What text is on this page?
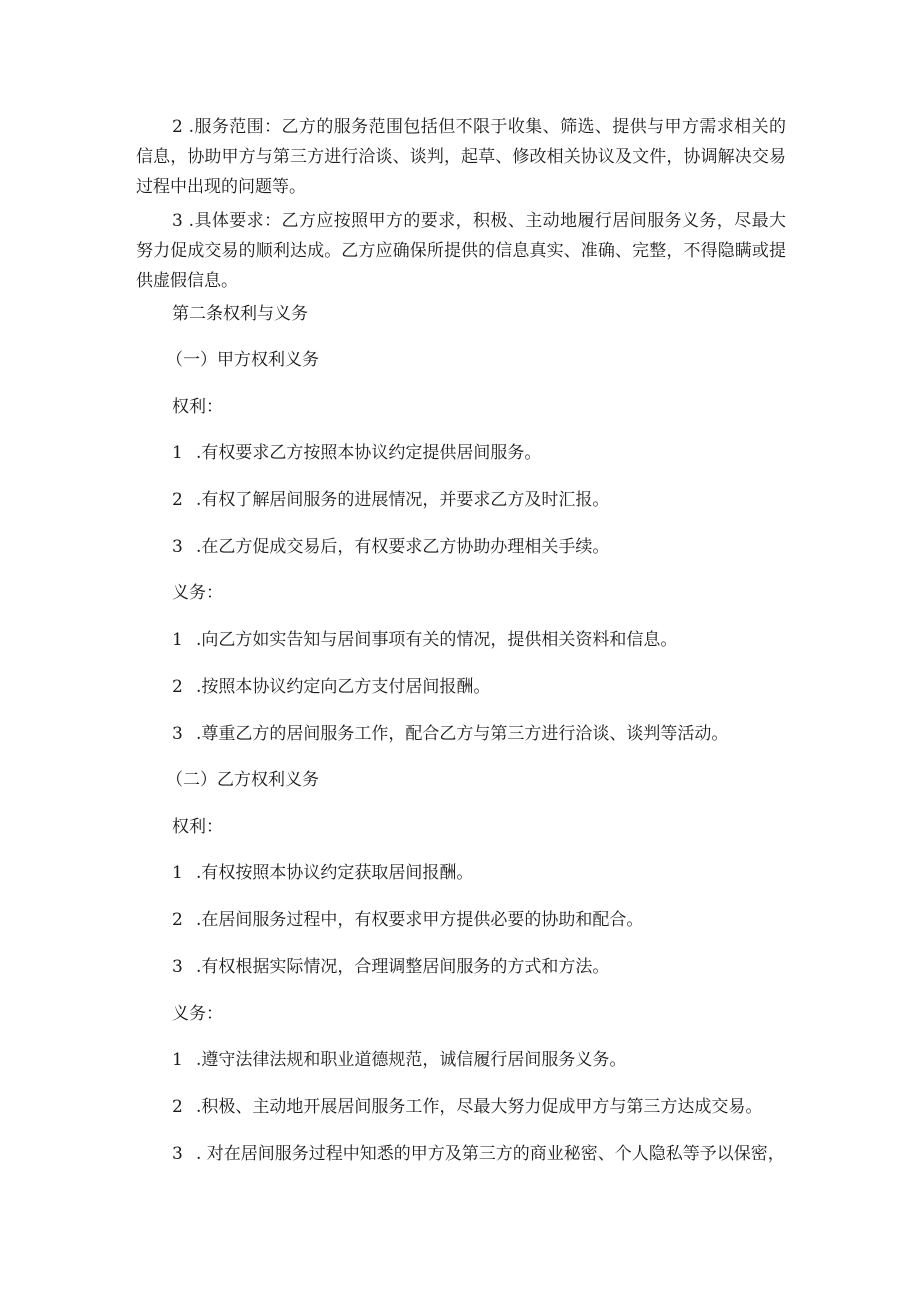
2 .服务范围：乙方的服务范围包括但不限于收集、筛选、提供与甲方需求相关的信息，协助甲方与第三方进行洽谈、谈判，起草、修改相关协议及文件，协调解决交易过程中出现的问题等。

3 .具体要求：乙方应按照甲方的要求，积极、主动地履行居间服务义务，尽最大努力促成交易的顺利达成。乙方应确保所提供的信息真实、准确、完整，不得隐瞒或提供虚假信息。

第二条权利与义务

（一）甲方权利义务

权利：

1 .有权要求乙方按照本协议约定提供居间服务。

2 .有权了解居间服务的进展情况，并要求乙方及时汇报。

3 .在乙方促成交易后，有权要求乙方协助办理相关手续。

义务：

1 .向乙方如实告知与居间事项有关的情况，提供相关资料和信息。

2 .按照本协议约定向乙方支付居间报酬。

3 .尊重乙方的居间服务工作，配合乙方与第三方进行洽谈、谈判等活动。

（二）乙方权利义务

权利：

1 .有权按照本协议约定获取居间报酬。

2 .在居间服务过程中，有权要求甲方提供必要的协助和配合。

3 .有权根据实际情况，合理调整居间服务的方式和方法。

义务：

1 .遵守法律法规和职业道德规范，诚信履行居间服务义务。

2 .积极、主动地开展居间服务工作，尽最大努力促成甲方与第三方达成交易。

3 . 对在居间服务过程中知悉的甲方及第三方的商业秘密、个人隐私等予以保密，
